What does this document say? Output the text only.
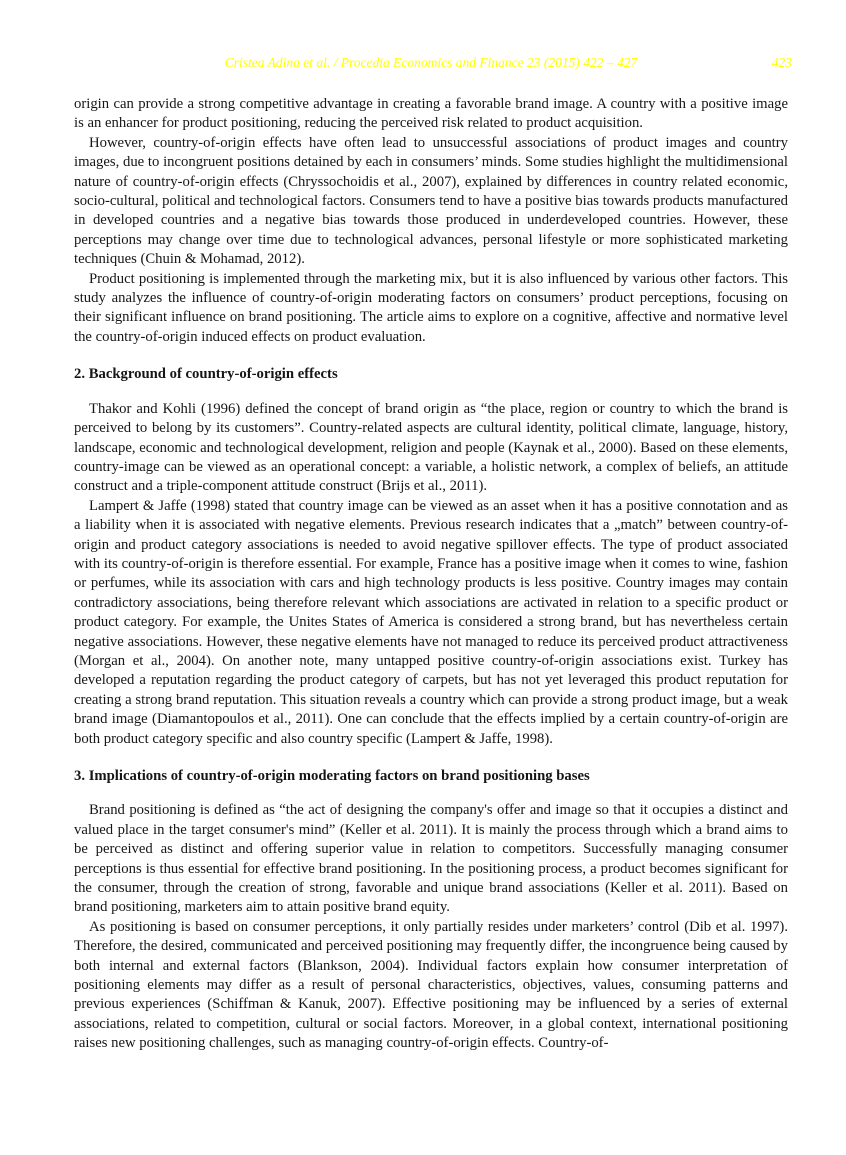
Cristea Adina et al. / Procedia Economics and Finance 23 (2015) 422 – 427	423

origin can provide a strong competitive advantage in creating a favorable brand image. A country with a positive image is an enhancer for product positioning, reducing the perceived risk related to product acquisition.

However, country-of-origin effects have often lead to unsuccessful associations of product images and country images, due to incongruent positions detained by each in consumers’ minds. Some studies highlight the multidimensional nature of country-of-origin effects (Chryssochoidis et al., 2007), explained by differences in country related economic, socio-cultural, political and technological factors. Consumers tend to have a positive bias towards products manufactured in developed countries and a negative bias towards those produced in underdeveloped countries. However, these perceptions may change over time due to technological advances, personal lifestyle or more sophisticated marketing techniques (Chuin & Mohamad, 2012).

Product positioning is implemented through the marketing mix, but it is also influenced by various other factors. This study analyzes the influence of country-of-origin moderating factors on consumers’ product perceptions, focusing on their significant influence on brand positioning. The article aims to explore on a cognitive, affective and normative level the country-of-origin induced effects on product evaluation.

2. Background of country-of-origin effects

Thakor and Kohli (1996) defined the concept of brand origin as “the place, region or country to which the brand is perceived to belong by its customers”. Country-related aspects are cultural identity, political climate, language, history, landscape, economic and technological development, religion and people (Kaynak et al., 2000). Based on these elements, country-image can be viewed as an operational concept: a variable, a holistic network, a complex of beliefs, an attitude construct and a triple-component attitude construct (Brijs et al., 2011).

Lampert & Jaffe (1998) stated that country image can be viewed as an asset when it has a positive connotation and as a liability when it is associated with negative elements. Previous research indicates that a „match” between country-of-origin and product category associations is needed to avoid negative spillover effects. The type of product associated with its country-of-origin is therefore essential. For example, France has a positive image when it comes to wine, fashion or perfumes, while its association with cars and high technology products is less positive. Country images may contain contradictory associations, being therefore relevant which associations are activated in relation to a specific product or product category. For example, the Unites States of America is considered a strong brand, but has nevertheless certain negative associations. However, these negative elements have not managed to reduce its perceived product attractiveness (Morgan et al., 2004). On another note, many untapped positive country-of-origin associations exist. Turkey has developed a reputation regarding the product category of carpets, but has not yet leveraged this product reputation for creating a strong brand reputation. This situation reveals a country which can provide a strong product image, but a weak brand image (Diamantopoulos et al., 2011). One can conclude that the effects implied by a certain country-of-origin are both product category specific and also country specific (Lampert & Jaffe, 1998).

3. Implications of country-of-origin moderating factors on brand positioning bases

Brand positioning is defined as “the act of designing the company's offer and image so that it occupies a distinct and valued place in the target consumer's mind” (Keller et al. 2011). It is mainly the process through which a brand aims to be perceived as distinct and offering superior value in relation to competitors. Successfully managing consumer perceptions is thus essential for effective brand positioning. In the positioning process, a product becomes significant for the consumer, through the creation of strong, favorable and unique brand associations (Keller et al. 2011). Based on brand positioning, marketers aim to attain positive brand equity.

As positioning is based on consumer perceptions, it only partially resides under marketers’ control (Dib et al. 1997). Therefore, the desired, communicated and perceived positioning may frequently differ, the incongruence being caused by both internal and external factors (Blankson, 2004). Individual factors explain how consumer interpretation of positioning elements may differ as a result of personal characteristics, objectives, values, consuming patterns and previous experiences (Schiffman & Kanuk, 2007). Effective positioning may be influenced by a series of external associations, related to competition, cultural or social factors. Moreover, in a global context, international positioning raises new positioning challenges, such as managing country-of-origin effects. Country-of-
